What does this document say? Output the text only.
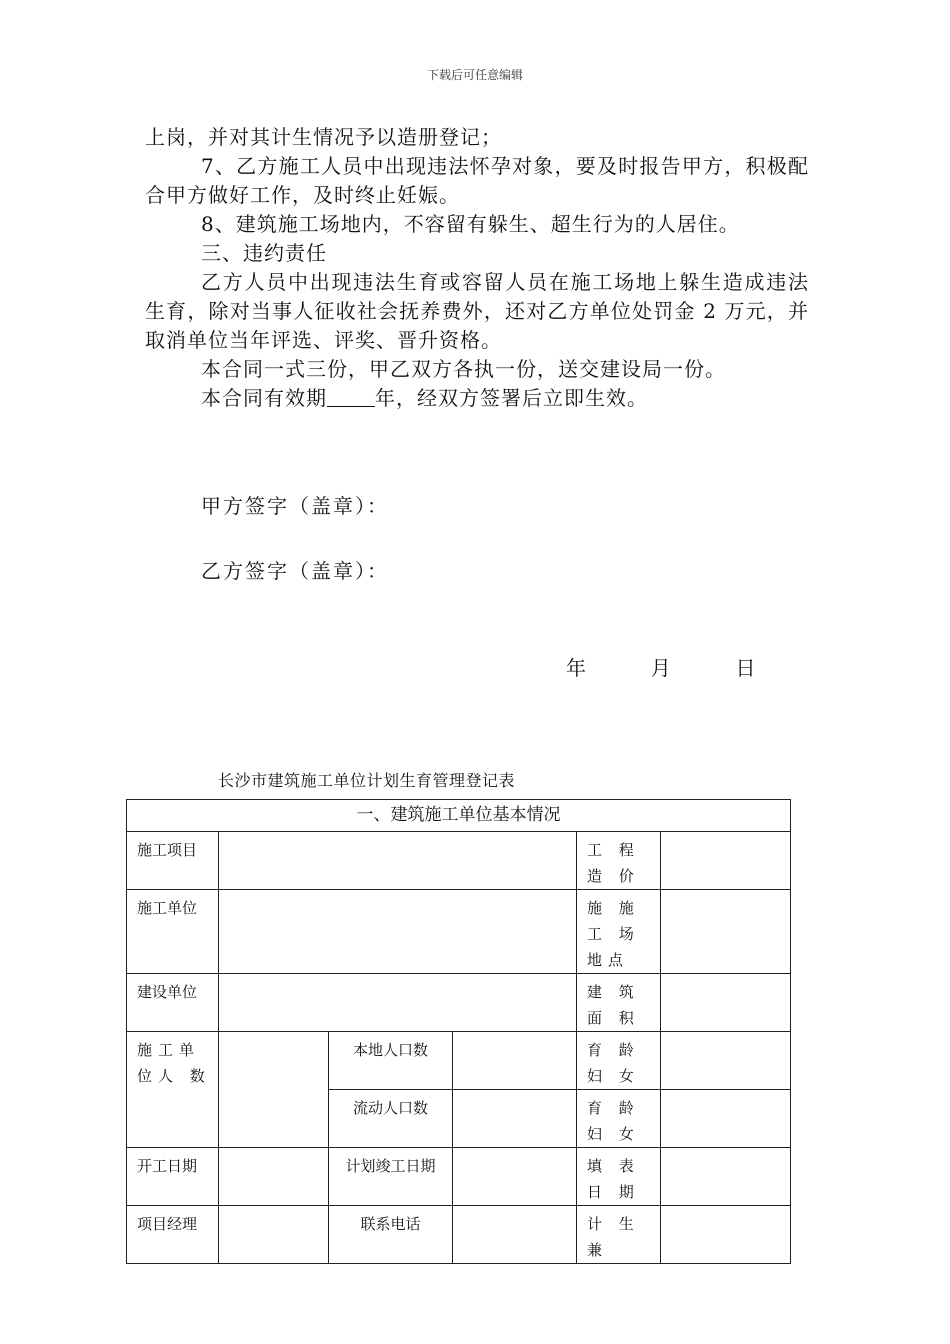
下载后可任意编辑

上岗，并对其计生情况予以造册登记；

7、乙方施工人员中出现违法怀孕对象，要及时报告甲方，积极配合甲方做好工作，及时终止妊娠。

8、建筑施工场地内，不容留有躲生、超生行为的人居住。

三、违约责任

乙方人员中出现违法生育或容留人员在施工场地上躲生造成违法生育，除对当事人征收社会抚养费外，还对乙方单位处罚金 2 万元，并取消单位当年评选、评奖、晋升资格。

本合同一式三份，甲乙双方各执一份，送交建设局一份。

本合同有效期 年，经双方签署后立即生效。

甲方签字（盖章）：
乙方签字（盖章）：
年	月	日
长沙市建筑施工单位计划生育管理登记表
一、建筑施工单位基本情况					
施工项目				工 程 造 价	
施工单位				施 施 工 场地点	
建设单位				建 筑 面 积	
施工单位人 数		本地人口数		育 龄 妇 女	
		流动人口数		育 龄 妇 女	
开工日期		计划竣工日期		填 表 日 期	
项目经理		联系电话		计 生 兼	
